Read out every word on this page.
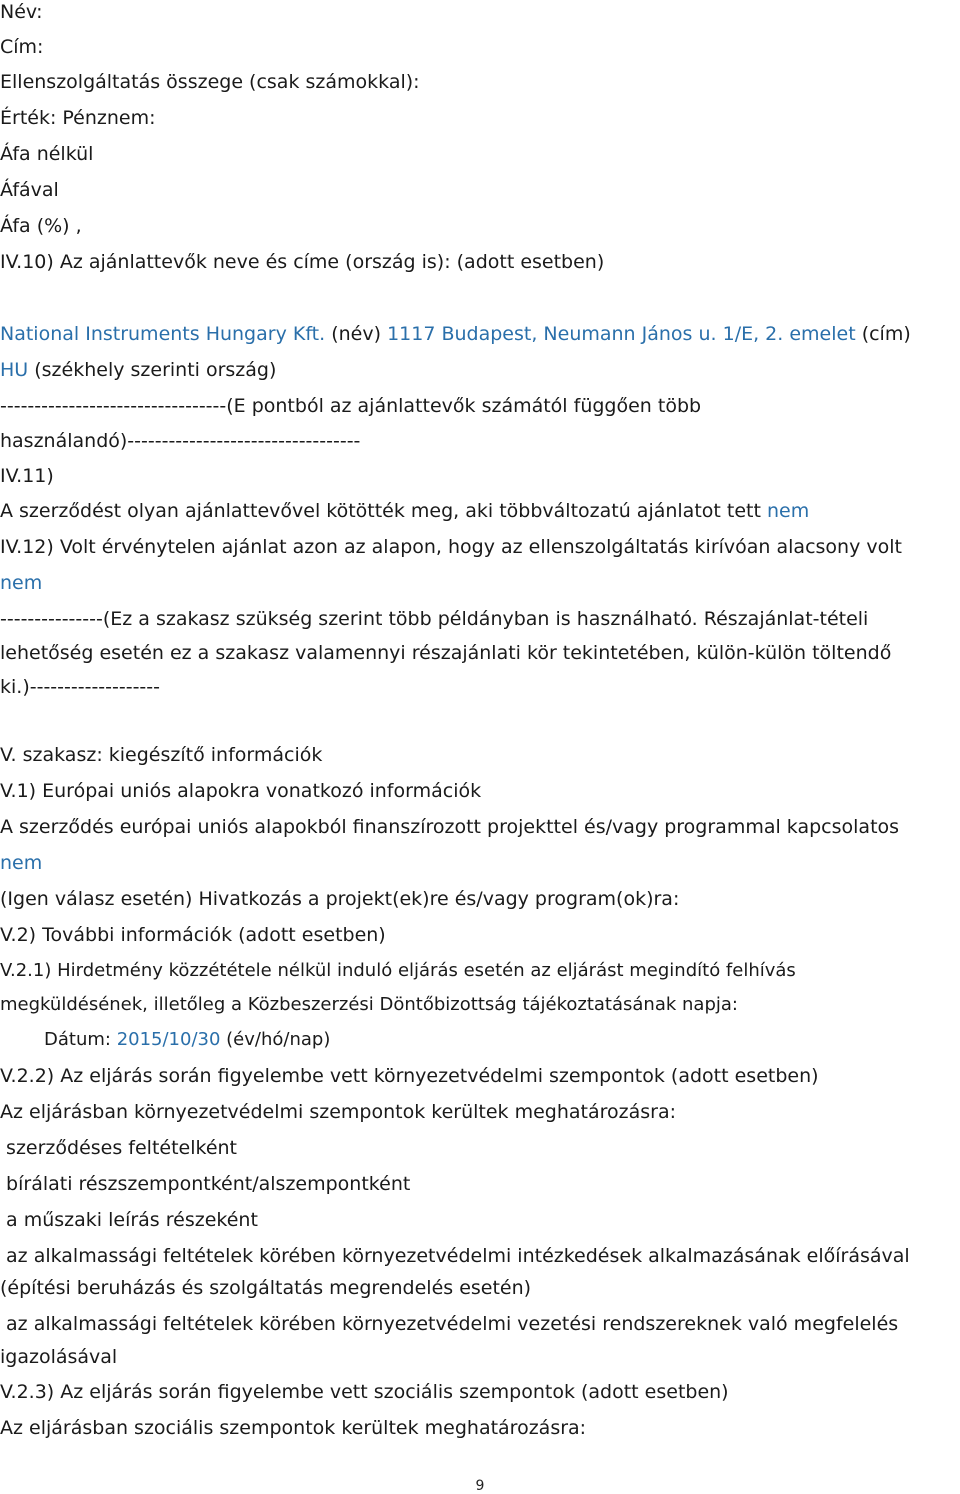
Név:
Cím:
Ellenszolgáltatás összege (csak számokkal):
Érték: Pénznem:
Áfa nélkül
Áfával
Áfa (%) ,
IV.10) Az ajánlattevők neve és címe (ország is): (adott esetben)
National Instruments Hungary Kft. (név) 1117 Budapest, Neumann János u. 1/E, 2. emelet (cím)
HU (székhely szerinti ország)
---------------------------------(E pontból az ajánlattevők számától függően több
használandó)----------------------------------
IV.11)
A szerződést olyan ajánlattevővel kötötték meg, aki többváltozatú ajánlatot tett nem
IV.12) Volt érvénytelen ajánlat azon az alapon, hogy az ellenszolgáltatás kirívóan alacsony volt
nem
---------------(Ez a szakasz szükség szerint több példányban is használható. Részajánlat-tételi
lehetőség esetén ez a szakasz valamennyi részajánlati kör tekintetében, külön-külön töltendő
ki.)-------------------
V. szakasz: kiegészítő információk
V.1) Európai uniós alapokra vonatkozó információk
A szerződés európai uniós alapokból finanszírozott projekttel és/vagy programmal kapcsolatos
nem
(Igen válasz esetén) Hivatkozás a projekt(ek)re és/vagy program(ok)ra:
V.2) További információk (adott esetben)
V.2.1) Hirdetmény közzététele nélkül induló eljárás esetén az eljárást megindító felhívás
megküldésének, illetőleg a Közbeszerzési Döntőbizottság tájékoztatásának napja:
Dátum: 2015/10/30 (év/hó/nap)
V.2.2) Az eljárás során figyelembe vett környezetvédelmi szempontok (adott esetben)
Az eljárásban környezetvédelmi szempontok kerültek meghatározásra:
szerződéses feltételként
bírálati részszempontként/alszempontként
a műszaki leírás részeként
az alkalmassági feltételek körében környezetvédelmi intézkedések alkalmazásának előírásával
(építési beruházás és szolgáltatás megrendelés esetén)
az alkalmassági feltételek körében környezetvédelmi vezetési rendszereknek való megfelelés
igazolásával
V.2.3) Az eljárás során figyelembe vett szociális szempontok (adott esetben)
Az eljárásban szociális szempontok kerültek meghatározásra:
9
